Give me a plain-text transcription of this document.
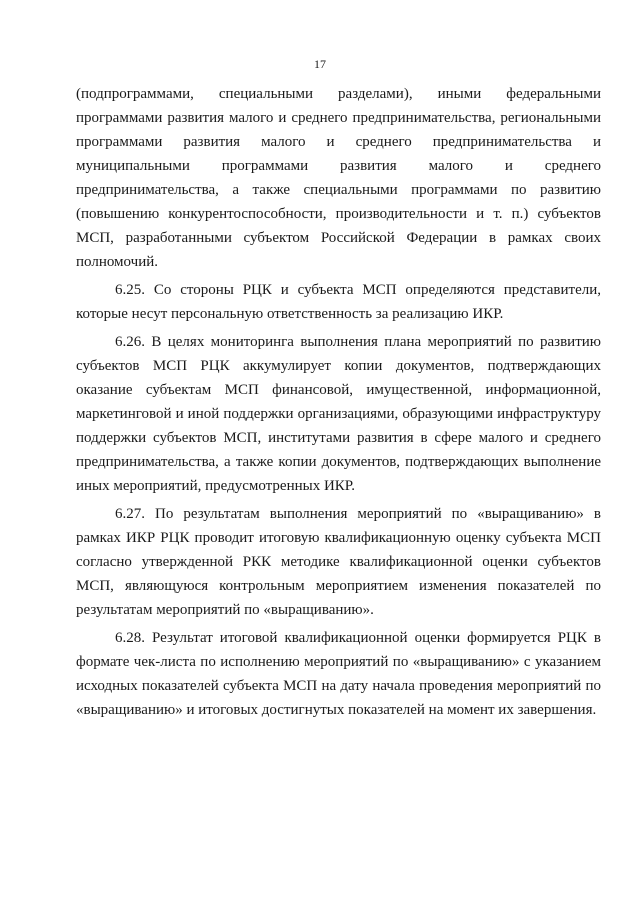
17

(подпрограммами, специальными разделами), иными федеральными программами развития малого и среднего предпринимательства, региональными программами развития малого и среднего предпринимательства и муниципальными программами развития малого и среднего предпринимательства, а также специальными программами по развитию (повышению конкурентоспособности, производительности и т. п.) субъектов МСП, разработанными субъектом Российской Федерации в рамках своих полномочий.

6.25. Со стороны РЦК и субъекта МСП определяются представители, которые несут персональную ответственность за реализацию ИКР.

6.26. В целях мониторинга выполнения плана мероприятий по развитию субъектов МСП РЦК аккумулирует копии документов, подтверждающих оказание субъектам МСП финансовой, имущественной, информационной, маркетинговой и иной поддержки организациями, образующими инфраструктуру поддержки субъектов МСП, институтами развития в сфере малого и среднего предпринимательства, а также копии документов, подтверждающих выполнение иных мероприятий, предусмотренных ИКР.

6.27. По результатам выполнения мероприятий по «выращиванию» в рамках ИКР РЦК проводит итоговую квалификационную оценку субъекта МСП согласно утвержденной РКК методике квалификационной оценки субъектов МСП, являющуюся контрольным мероприятием изменения показателей по результатам мероприятий по «выращиванию».

6.28. Результат итоговой квалификационной оценки формируется РЦК в формате чек-листа по исполнению мероприятий по «выращиванию» с указанием исходных показателей субъекта МСП на дату начала проведения мероприятий по «выращиванию» и итоговых достигнутых показателей на момент их завершения.
